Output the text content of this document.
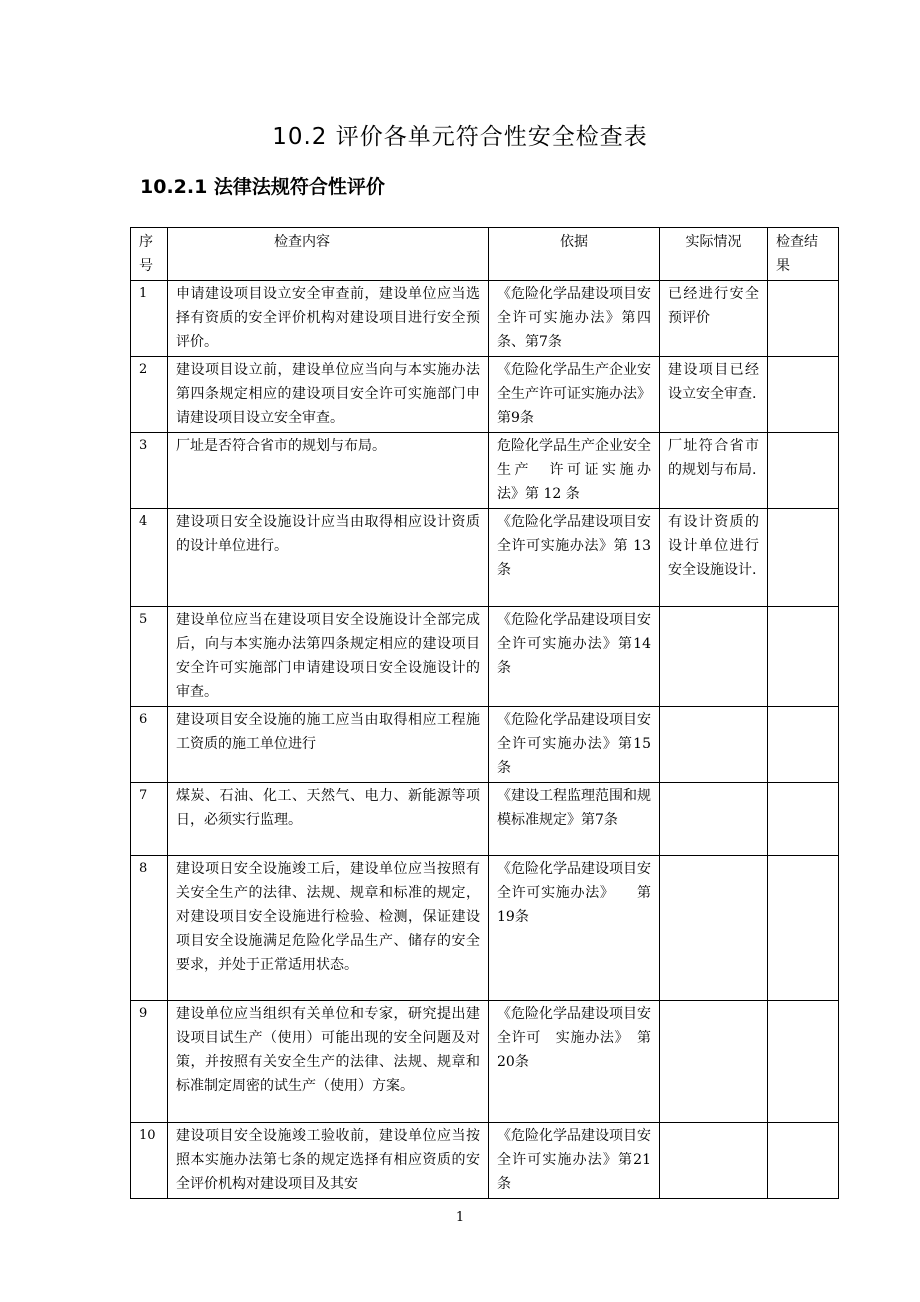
10.2 评价各单元符合性安全检查表
10.2.1 法律法规符合性评价
序号	检查内容	依据	实际情况	检查结果
1	申请建设项目设立安全审查前，建设单位应当选择有资质的安全评价机构对建设项目进行安全预评价。	《危险化学品建设项目安全许可实施办法》第四条、第7条	已经进行安全预评价	
2	建设项目设立前，建设单位应当向与本实施办法第四条规定相应的建设项目安全许可实施部门申请建设项目设立安全审查。	《危险化学品生产企业安全生产许可证实施办法》第9条	建设项目已经设立安全审查.	
3	厂址是否符合省市的规划与布局。	危险化学品生产企业安全生产　许可证实施办　法》第 12 条	厂址符合省市的规划与布局.	
4	建设项日安全设施设计应当由取得相应设计资质的设计单位进行。	《危险化学品建设项目安全许可实施办法》第 13 条	有设计资质的设计单位进行安全设施设计.	
5	建设单位应当在建设项目安全设施设计全部完成后，向与本实施办法第四条规定相应的建设项目安全许可实施部门申请建设项日安全设施设计的审查。	《危险化学品建设项目安全许可实施办法》第14条		
6	建设项目安全设施的施工应当由取得相应工程施工资质的施工单位进行	《危险化学品建设项目安全许可实施办法》第15条		
7	煤炭、石油、化工、天然气、电力、新能源等项日，必须实行监理。	《建设工程监理范围和规模标准规定》第7条		
8	建设项日安全设施竣工后，建设单位应当按照有关安全生产的法律、法规、规章和标准的规定，对建设项目安全设施进行检验、检测，保证建设项目安全设施满足危险化学品生产、储存的安全要求，并处于正常适用状态。	《危险化学品建设项目安全许可实施办法》　　第19条		
9	建设单位应当组织有关单位和专家，研究提出建设项目试生产（使用）可能出现的安全问题及对策，并按照有关安全生产的法律、法规、规章和标准制定周密的试生产（使用）方案。	《危险化学品建设项目安全许可　实施办法》　第20条		
10	建设项目安全设施竣工验收前，建设单位应当按照本实施办法第七条的规定选择有相应资质的安全评价机构对建设项目及其安	《危险化学品建设项目安全许可实施办法》第21条		
1
